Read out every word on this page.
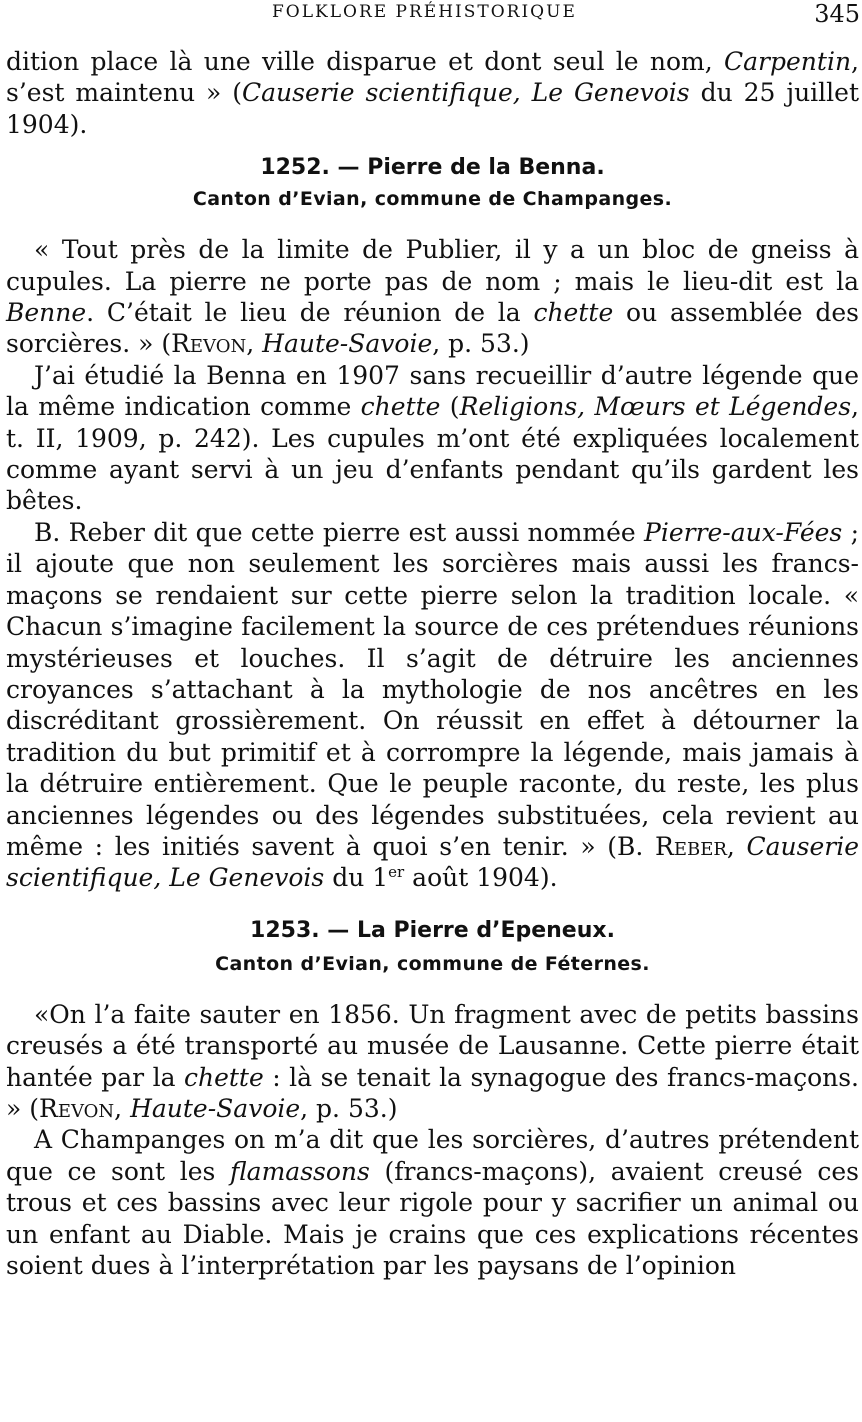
FOLKLORE PRÉHISTORIQUE	345

dition place là une ville disparue et dont seul le nom, Carpentin, s’est maintenu » (Causerie scientifique, Le Genevois du 25 juillet 1904).

1252. — Pierre de la Benna.

Canton d’Evian, commune de Champanges.

« Tout près de la limite de Publier, il y a un bloc de gneiss à cupules. La pierre ne porte pas de nom ; mais le lieu-dit est la Benne. C’était le lieu de réunion de la chette ou assemblée des sorcières. » (Revon, Haute-Savoie, p. 53.)

J’ai étudié la Benna en 1907 sans recueillir d’autre légende que la même indication comme chette (Religions, Mœurs et Légendes, t. II, 1909, p. 242). Les cupules m’ont été expliquées localement comme ayant servi à un jeu d’enfants pendant qu’ils gardent les bêtes.

B. Reber dit que cette pierre est aussi nommée Pierre-aux-Fées ; il ajoute que non seulement les sorcières mais aussi les francs-maçons se rendaient sur cette pierre selon la tradition locale. « Chacun s’imagine facilement la source de ces prétendues réunions mystérieuses et louches. Il s’agit de détruire les anciennes croyances s’attachant à la mythologie de nos ancêtres en les discréditant grossièrement. On réussit en effet à détourner la tradition du but primitif et à corrompre la légende, mais jamais à la détruire entièrement. Que le peuple raconte, du reste, les plus anciennes légendes ou des légendes substituées, cela revient au même : les initiés savent à quoi s’en tenir. » (B. Reber, Causerie scientifique, Le Genevois du 1er août 1904).

1253. — La Pierre d’Epeneux.

Canton d’Evian, commune de Féternes.

«On l’a faite sauter en 1856. Un fragment avec de petits bassins creusés a été transporté au musée de Lausanne. Cette pierre était hantée par la chette : là se tenait la synagogue des francs-maçons. » (Revon, Haute-Savoie, p. 53.)

A Champanges on m’a dit que les sorcières, d’autres prétendent que ce sont les flamassons (francs-maçons), avaient creusé ces trous et ces bassins avec leur rigole pour y sacrifier un animal ou un enfant au Diable. Mais je crains que ces explications récentes soient dues à l’interprétation par les paysans de l’opinion
